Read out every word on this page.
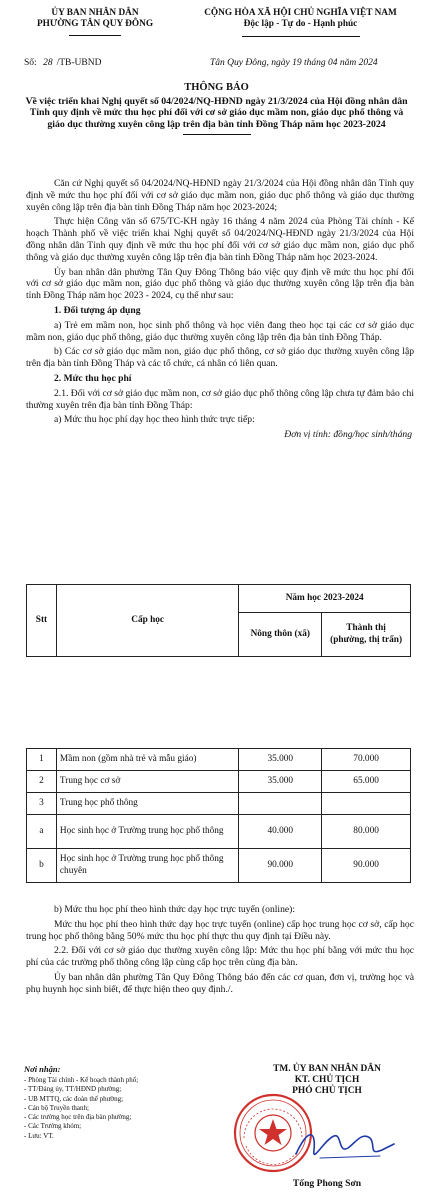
ỦY BAN NHÂN DÂN
PHƯỜNG TÂN QUY ĐÔNG
CỘNG HÒA XÃ HỘI CHỦ NGHĨA VIỆT NAM
Độc lập - Tự do - Hạnh phúc
Số: 28 /TB-UBND	Tân Quy Đông, ngày 19 tháng 04 năm 2024
THÔNG BÁO
Về việc triển khai Nghị quyết số 04/2024/NQ-HĐND ngày 21/3/2024 của Hội đồng nhân dân Tỉnh quy định về mức thu học phí đối với cơ sở giáo dục mầm non, giáo dục phổ thông và giáo dục thường xuyên công lập trên địa bàn tỉnh Đồng Tháp năm học 2023-2024

Căn cứ Nghị quyết số 04/2024/NQ-HĐND ngày 21/3/2024 của Hội đồng nhân dân Tỉnh quy định về mức thu học phí đối với cơ sở giáo dục mầm non, giáo dục phổ thông và giáo dục thường xuyên công lập trên địa bàn tỉnh Đồng Tháp năm học 2023-2024;

Thực hiện Công văn số 675/TC-KH ngày 16 tháng 4 năm 2024 của Phòng Tài chính - Kế hoạch Thành phố về việc triển khai Nghị quyết số 04/2024/NQ-HĐND ngày 21/3/2024 của Hội đồng nhân dân Tỉnh quy định về mức thu học phí đối với cơ sở giáo dục mầm non, giáo dục phổ thông và giáo dục thường xuyên công lập trên địa bàn tỉnh Đồng Tháp năm học 2023-2024.

Ủy ban nhân dân phường Tân Quy Đông Thông báo việc quy định về mức thu học phí đối với cơ sở giáo dục mầm non, giáo dục phổ thông và giáo dục thường xuyên công lập trên địa bàn tỉnh Đồng Tháp năm học 2023 - 2024, cụ thể như sau:

1. Đối tượng áp dụng

a) Trẻ em mầm non, học sinh phổ thông và học viên đang theo học tại các cơ sở giáo dục mầm non, giáo dục phổ thông, giáo dục thường xuyên công lập trên địa bàn tỉnh Đồng Tháp.

b) Các cơ sở giáo dục mầm non, giáo dục phổ thông, cơ sở giáo dục thường xuyên công lập trên địa bàn tỉnh Đồng Tháp và các tổ chức, cá nhân có liên quan.

2. Mức thu học phí

2.1. Đối với cơ sở giáo dục mầm non, cơ sở giáo dục phổ thông công lập chưa tự đảm bảo chi thường xuyên trên địa bàn tỉnh Đồng Tháp:

a) Mức thu học phí dạy học theo hình thức trực tiếp:

Đơn vị tính: đồng/học sinh/tháng
Stt	Cấp học	Năm học 2023-2024	
		Nông thôn (xã)	Thành thị
(phường, thị trấn)
1	Mầm non (gồm nhà trẻ và mẫu giáo)	35.000	70.000
2	Trung học cơ sở	35.000	65.000
3	Trung học phổ thông		
a	Học sinh học ở Trường trung học phổ thông	40.000	80.000
b	Học sinh học ở Trường trung học phổ thông chuyên	90.000	90.000

b) Mức thu học phí theo hình thức dạy học trực tuyến (online):

Mức thu học phí theo hình thức dạy học trực tuyến (online) cấp học trung học cơ sở, cấp học trung học phổ thông bằng 50% mức thu học phí thực thu quy định tại Điều này.

2.2. Đối với cơ sở giáo dục thường xuyên công lập: Mức thu học phí bằng với mức thu học phí của các trường phổ thông công lập cùng cấp học trên cùng địa bàn.

Ủy ban nhân dân phường Tân Quy Đông Thông báo đến các cơ quan, đơn vị, trường học và phụ huynh học sinh biết, để thực hiện theo quy định./.

Nơi nhận:
- Phòng Tài chính - Kế hoạch thành phố;
- TT/Đảng ủy, TT/HĐND phường;
- UB MTTQ, các đoàn thể phường;
- Cán bộ Truyền thanh;
- Các trường học trên địa bàn phường;
- Các Trưởng khóm;
- Lưu: VT.
TM. ỦY BAN NHÂN DÂN
KT. CHỦ TỊCH
PHÓ CHỦ TỊCH
Tống Phong Sơn
